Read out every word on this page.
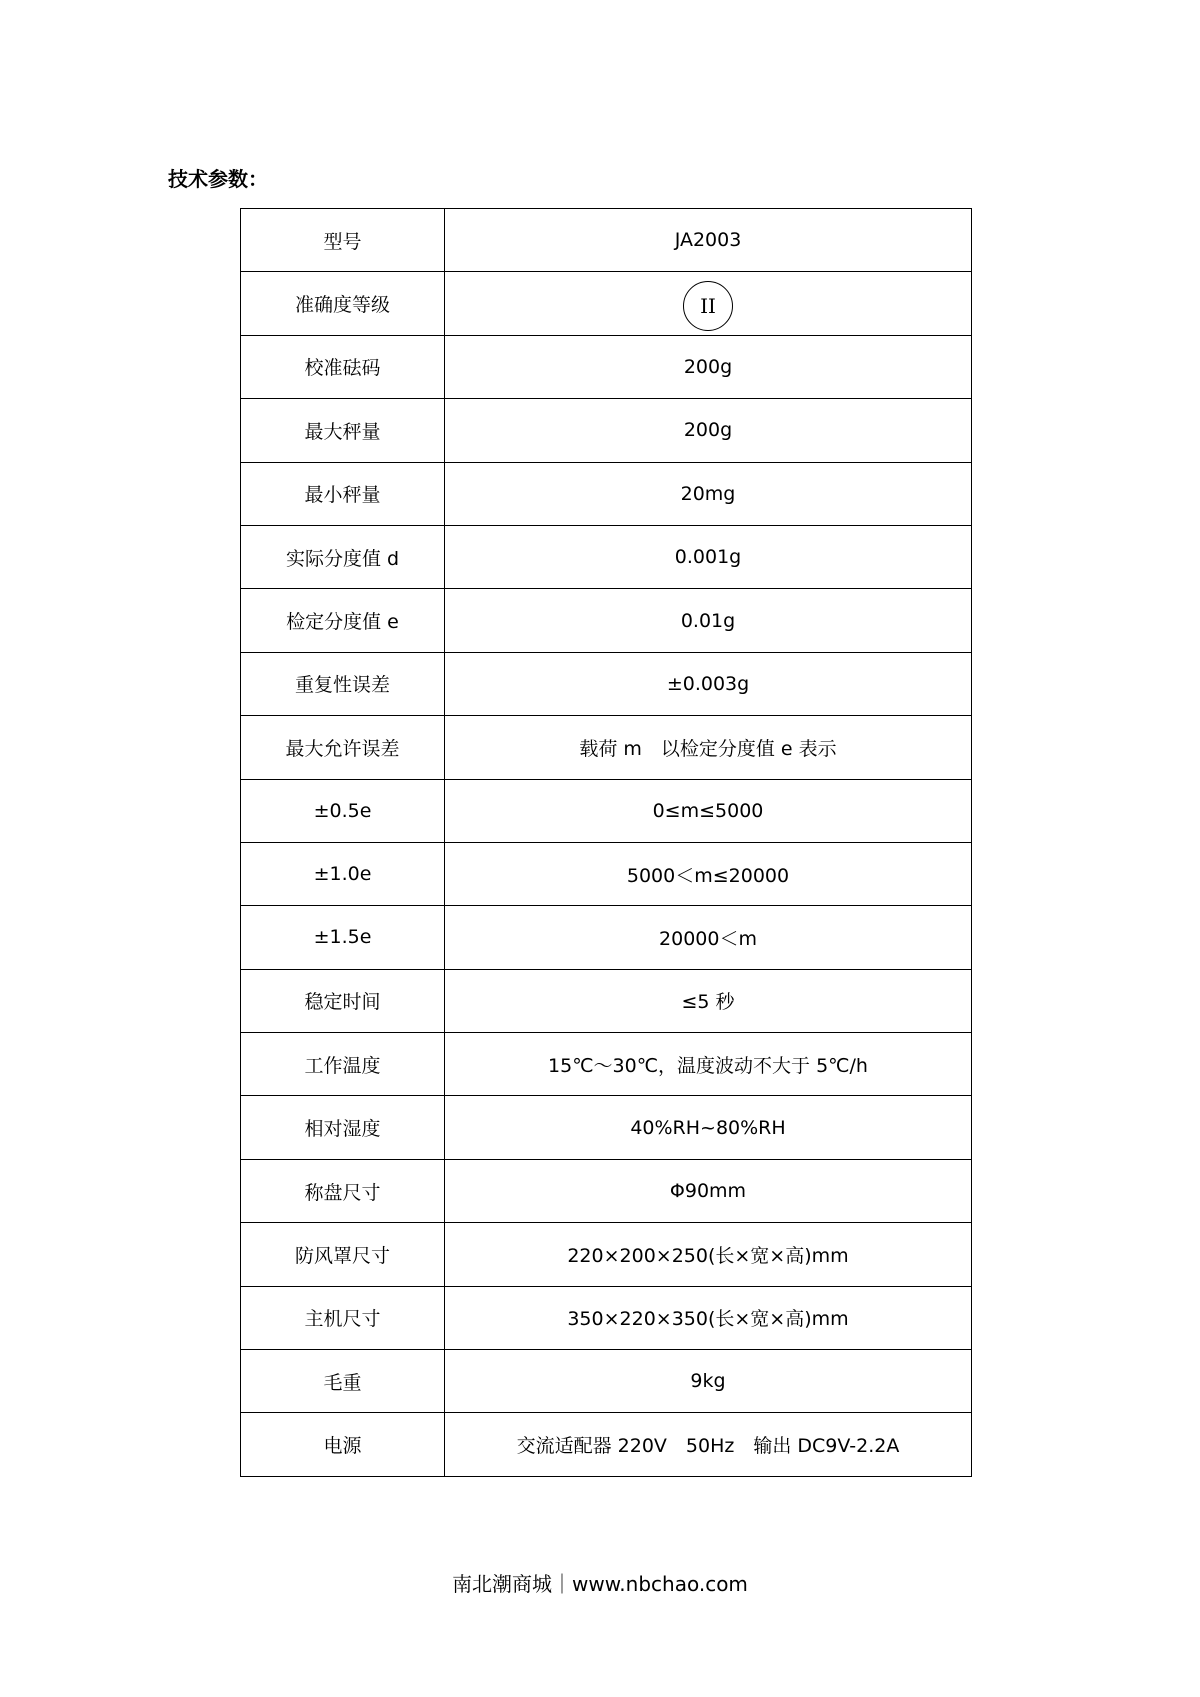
技术参数：
型号	JA2003
准确度等级	II
校准砝码	200g
最大秤量	200g
最小秤量	20mg
实际分度值 d	0.001g
检定分度值 e	0.01g
重复性误差	±0.003g
最大允许误差	载荷 m　以检定分度值 e 表示
±0.5e	0≤m≤5000
±1.0e	5000＜m≤20000
±1.5e	20000＜m
稳定时间	≤5 秒
工作温度	15℃～30℃，温度波动不大于 5℃/h
相对湿度	40%RH~80%RH
称盘尺寸	Φ90mm
防风罩尺寸	220×200×250(长×宽×高)mm
主机尺寸	350×220×350(长×宽×高)mm
毛重	9kg
电源	交流适配器 220V　50Hz　输出 DC9V-2.2A
南北潮商城｜www.nbchao.com
